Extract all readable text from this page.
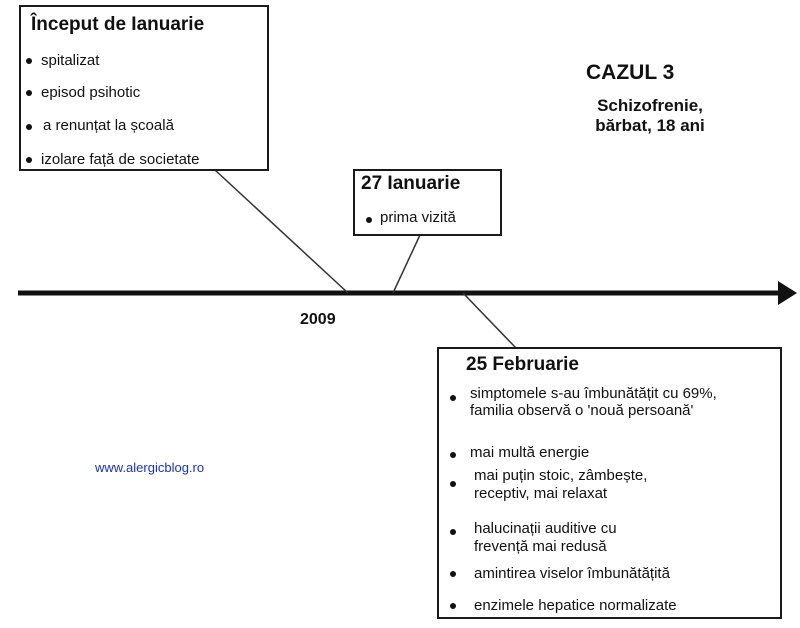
Început de Ianuarie
spitalizat
episod psihotic
a renunțat la școală
izolare față de societate
27 Ianuarie
prima vizită
25 Februarie
simptomele s-au îmbunătățit cu 69%,
familia observă o 'nouă persoană'
mai multă energie
mai puțin stoic, zâmbește,
receptiv, mai relaxat
halucinații auditive cu
frevență mai redusă
amintirea viselor îmbunătățită
enzimele hepatice normalizate
CAZUL 3
Schizofrenie,
bărbat, 18 ani
2009
www.alergicblog.ro
